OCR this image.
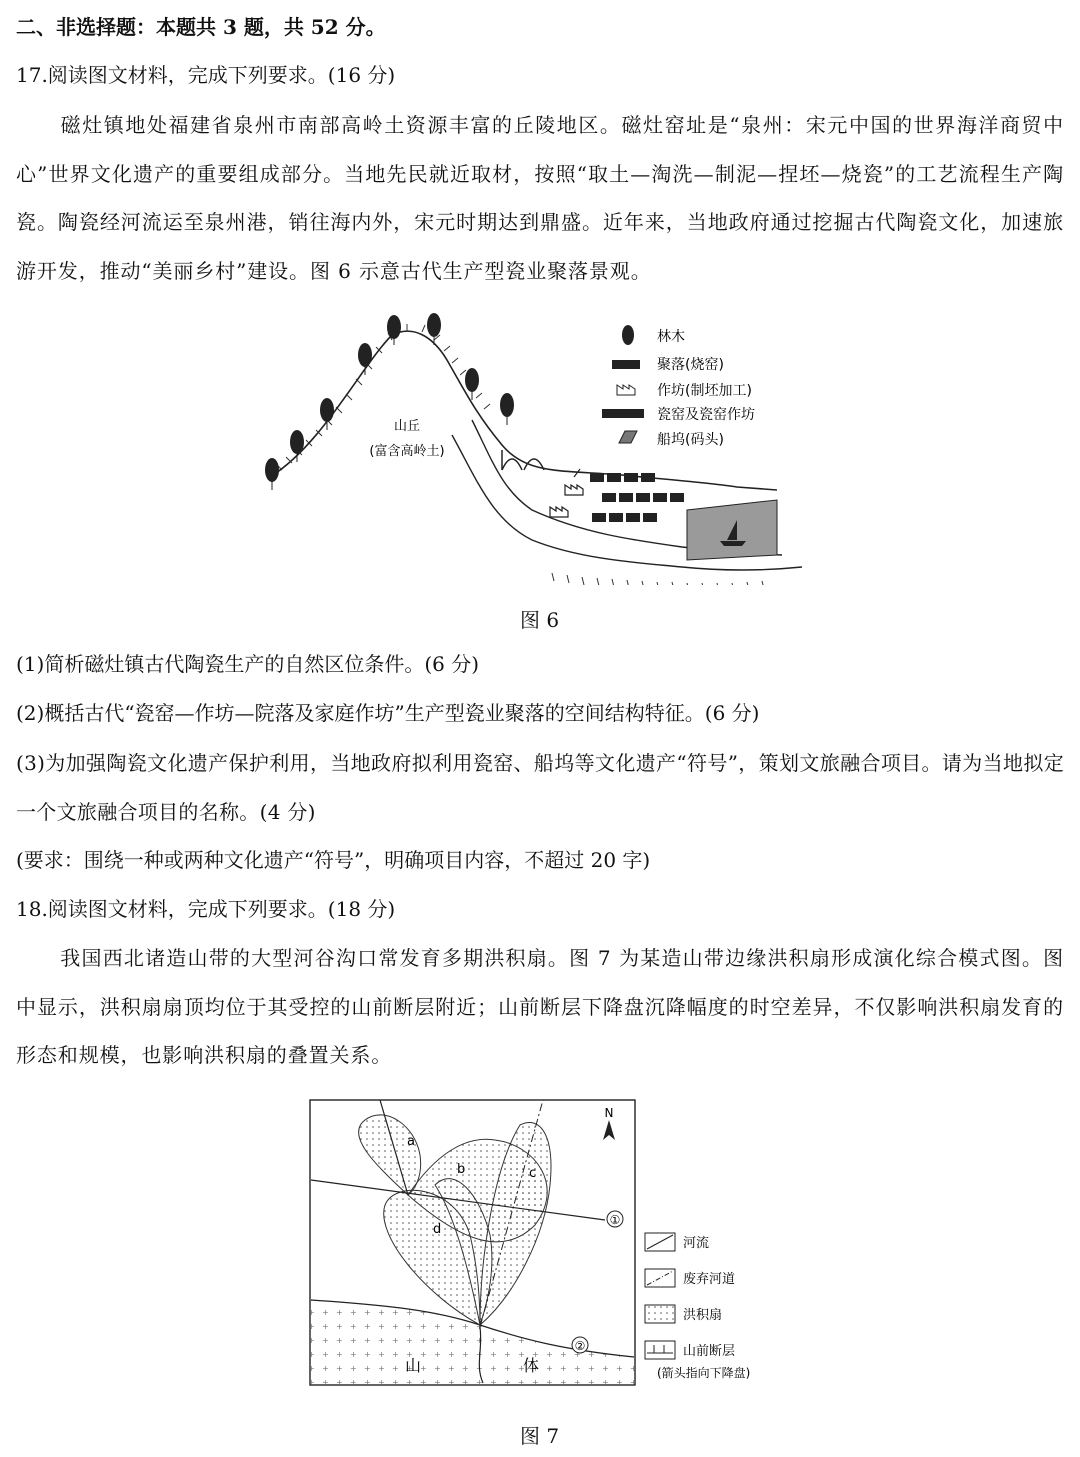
二、非选择题：本题共 3 题，共 52 分。
17.阅读图文材料，完成下列要求。(16 分)
磁灶镇地处福建省泉州市南部高岭土资源丰富的丘陵地区。磁灶窑址是“泉州：宋元中国的世界海洋商贸中心”世界文化遗产的重要组成部分。当地先民就近取材，按照“取土—淘洗—制泥—捏坯—烧瓷”的工艺流程生产陶瓷。陶瓷经河流运至泉州港，销往海内外，宋元时期达到鼎盛。近年来，当地政府通过挖掘古代陶瓷文化，加速旅游开发，推动“美丽乡村”建设。图 6 示意古代生产型瓷业聚落景观。
山丘
(富含高岭土)
林木
聚落(烧窑)
作坊(制坯加工)
瓷窑及瓷窑作坊
船坞(码头)
图 6
(1)简析磁灶镇古代陶瓷生产的自然区位条件。(6 分)
(2)概括古代“瓷窑—作坊—院落及家庭作坊”生产型瓷业聚落的空间结构特征。(6 分)
(3)为加强陶瓷文化遗产保护利用，当地政府拟利用瓷窑、船坞等文化遗产“符号”，策划文旅融合项目。请为当地拟定一个文旅融合项目的名称。(4 分)
(要求：围绕一种或两种文化遗产“符号”，明确项目内容，不超过 20 字)
18.阅读图文材料，完成下列要求。(18 分)
我国西北诸造山带的大型河谷沟口常发育多期洪积扇。图 7 为某造山带边缘洪积扇形成演化综合模式图。图中显示，洪积扇扇顶均位于其受控的山前断层附近；山前断层下降盘沉降幅度的时空差异，不仅影响洪积扇发育的形态和规模，也影响洪积扇的叠置关系。
①
②
a
b	c
d
山	体
N
河流
废弃河道
洪积扇
山前断层
(箭头指向下降盘)
图 7
